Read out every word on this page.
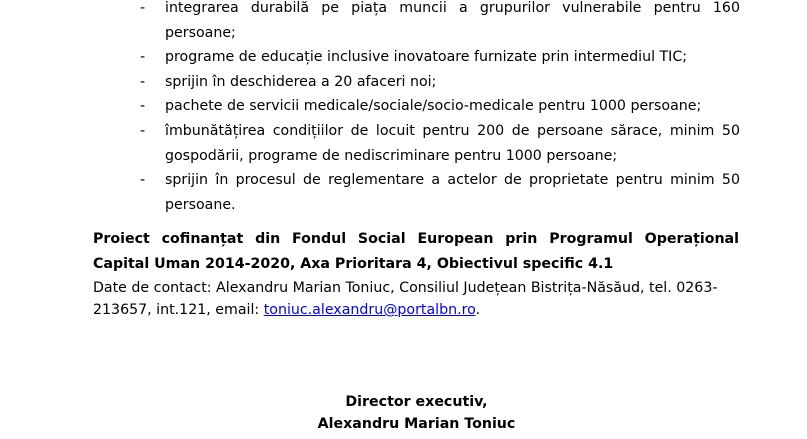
- integrarea durabilă pe piața muncii a grupurilor vulnerabile pentru 160 persoane;
- programe de educație inclusive inovatoare furnizate prin intermediul TIC;
- sprijin în deschiderea a 20 afaceri noi;
- pachete de servicii medicale/sociale/socio-medicale pentru 1000 persoane;
- îmbunătățirea condițiilor de locuit pentru 200 de persoane sărace, minim 50 gospodării, programe de nediscriminare pentru 1000 persoane;
- sprijin în procesul de reglementare a actelor de proprietate pentru minim 50 persoane.

Proiect cofinanțat din Fondul Social European prin Programul Operațional Capital Uman 2014-2020, Axa Prioritara 4, Obiectivul specific 4.1

Date de contact: Alexandru Marian Toniuc, Consiliul Județean Bistrița-Năsăud, tel. 0263-213657, int.121, email: toniuc.alexandru@portalbn.ro.

Director executiv,
Alexandru Marian Toniuc
